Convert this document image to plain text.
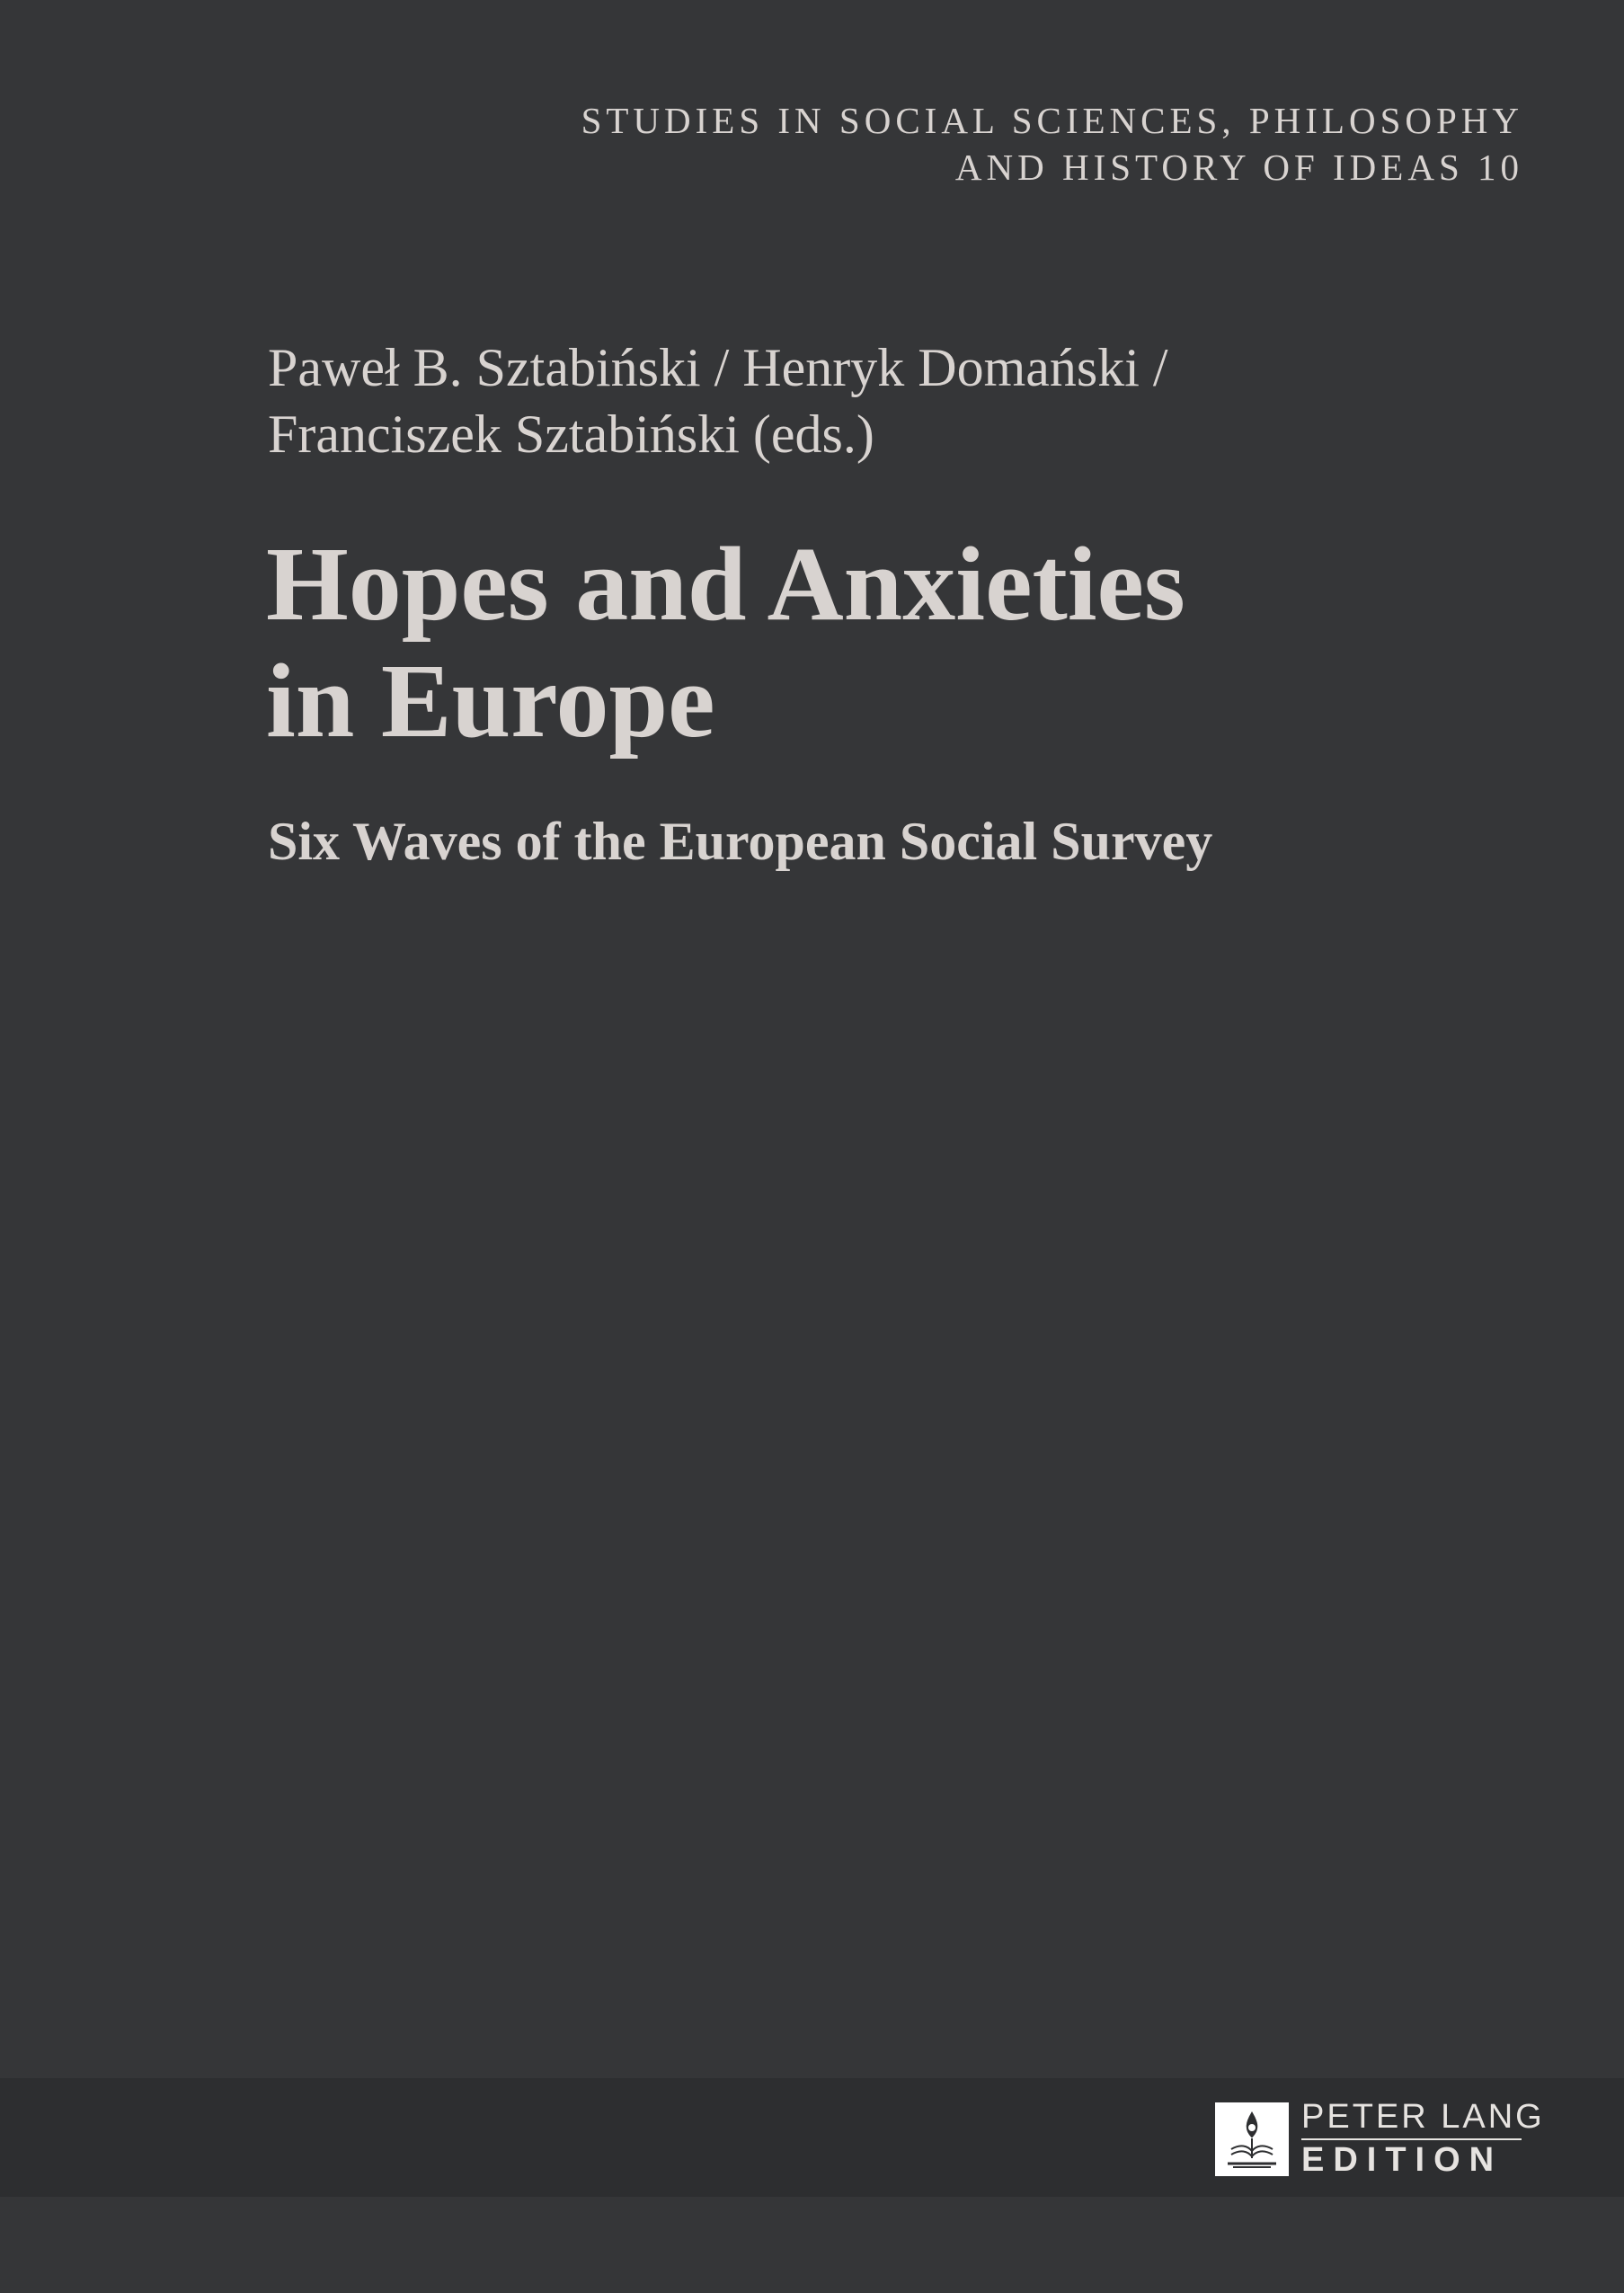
STUDIES IN SOCIAL SCIENCES, PHILOSOPHY
AND HISTORY OF IDEAS 10
Paweł B. Sztabiński / Henryk Domański /
Franciszek Sztabiński (eds.)
Hopes and Anxieties
in Europe
Six Waves of the European Social Survey
PETER LANG
EDITION
